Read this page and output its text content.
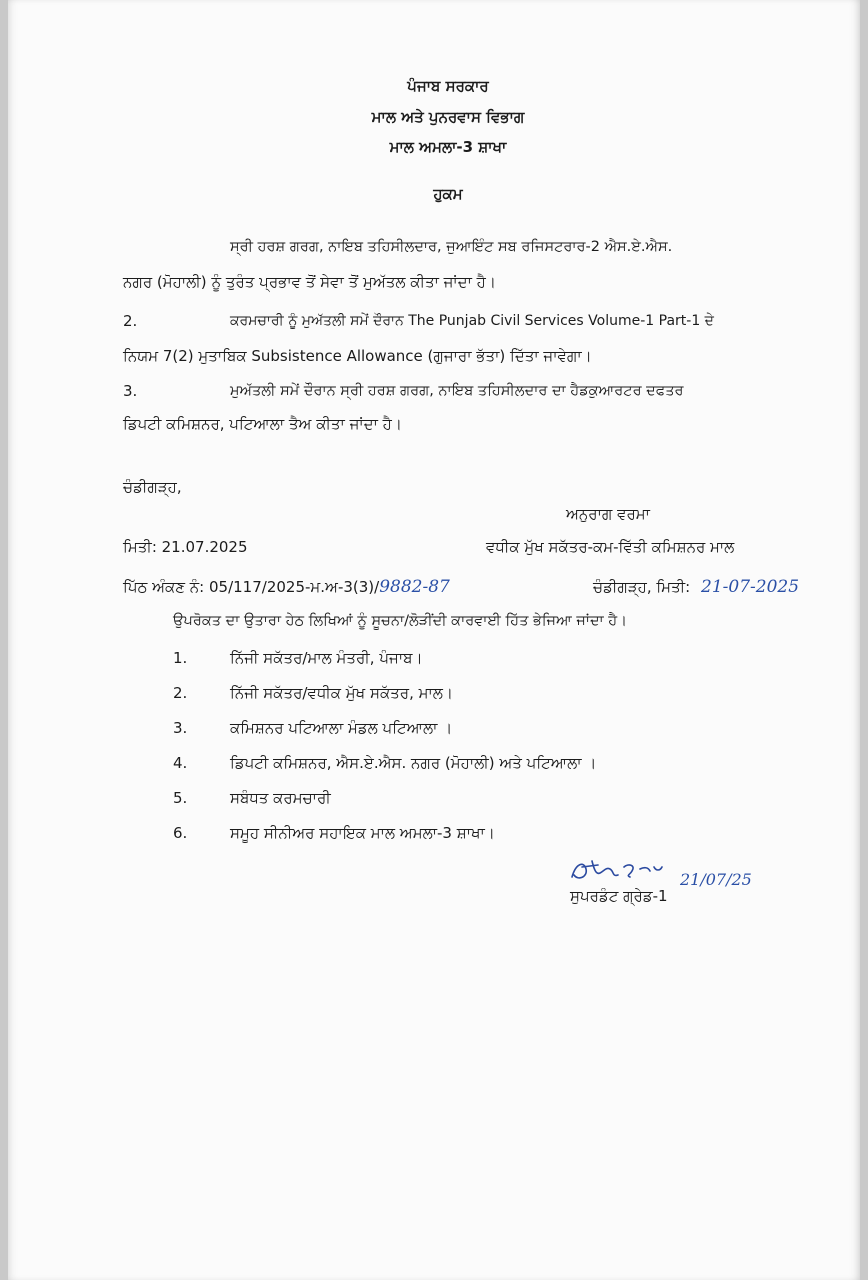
ਪੰਜਾਬ ਸਰਕਾਰ
ਮਾਲ ਅਤੇ ਪੁਨਰਵਾਸ ਵਿਭਾਗ
ਮਾਲ ਅਮਲਾ-3 ਸ਼ਾਖਾ
ਹੁਕਮ
ਸ੍ਰੀ ਹਰਸ਼ ਗਰਗ, ਨਾਇਬ ਤਹਿਸੀਲਦਾਰ, ਜੁਆਇੰਟ ਸਬ ਰਜਿਸਟਰਾਰ-2 ਐਸ.ਏ.ਐਸ.
ਨਗਰ (ਮੋਹਾਲੀ) ਨੂੰ ਤੁਰੰਤ ਪ੍ਰਭਾਵ ਤੋਂ ਸੇਵਾ ਤੋਂ ਮੁਅੱਤਲ ਕੀਤਾ ਜਾਂਦਾ ਹੈ।
2.	ਕਰਮਚਾਰੀ ਨੂੰ ਮੁਅੱਤਲੀ ਸਮੇਂ ਦੌਰਾਨ The Punjab Civil Services Volume-1 Part-1 ਦੇ
ਨਿਯਮ 7(2) ਮੁਤਾਬਿਕ Subsistence Allowance (ਗੁਜਾਰਾ ਭੱਤਾ) ਦਿੱਤਾ ਜਾਵੇਗਾ।
3.	ਮੁਅੱਤਲੀ ਸਮੇਂ ਦੌਰਾਨ ਸ੍ਰੀ ਹਰਸ਼ ਗਰਗ, ਨਾਇਬ ਤਹਿਸੀਲਦਾਰ ਦਾ ਹੈਡਕੁਆਰਟਰ ਦਫਤਰ
ਡਿਪਟੀ ਕਮਿਸ਼ਨਰ, ਪਟਿਆਲਾ ਤੈਅ ਕੀਤਾ ਜਾਂਦਾ ਹੈ।
ਚੰਡੀਗੜ੍ਹ,
ਅਨੁਰਾਗ ਵਰਮਾ
ਮਿਤੀ: 21.07.2025	ਵਧੀਕ ਮੁੱਖ ਸਕੱਤਰ-ਕਮ-ਵਿੱਤੀ ਕਮਿਸ਼ਨਰ ਮਾਲ
ਪਿੱਠ ਅੰਕਣ ਨੰ: 05/117/2025-ਮ.ਅ-3(3)/9882-87	ਚੰਡੀਗੜ੍ਹ, ਮਿਤੀ: 21-07-2025
ਉਪਰੋਕਤ ਦਾ ਉਤਾਰਾ ਹੇਠ ਲਿਖਿਆਂ ਨੂੰ ਸੂਚਨਾ/ਲੋੜੀਂਦੀ ਕਾਰਵਾਈ ਹਿੱਤ ਭੇਜਿਆ ਜਾਂਦਾ ਹੈ।
1.	ਨਿੱਜੀ ਸਕੱਤਰ/ਮਾਲ ਮੰਤਰੀ, ਪੰਜਾਬ।
2.	ਨਿੱਜੀ ਸਕੱਤਰ/ਵਧੀਕ ਮੁੱਖ ਸਕੱਤਰ, ਮਾਲ।
3.	ਕਮਿਸ਼ਨਰ ਪਟਿਆਲਾ ਮੰਡਲ ਪਟਿਆਲਾ ।
4.	ਡਿਪਟੀ ਕਮਿਸ਼ਨਰ, ਐਸ.ਏ.ਐਸ. ਨਗਰ (ਮੋਹਾਲੀ) ਅਤੇ ਪਟਿਆਲਾ ।
5.	ਸਬੰਧਤ ਕਰਮਚਾਰੀ
6.	ਸਮੂਹ ਸੀਨੀਅਰ ਸਹਾਇਕ ਮਾਲ ਅਮਲਾ-3 ਸ਼ਾਖਾ।
21/07/25
ਸੁਪਰਡੰਟ ਗ੍ਰੇਡ-1
